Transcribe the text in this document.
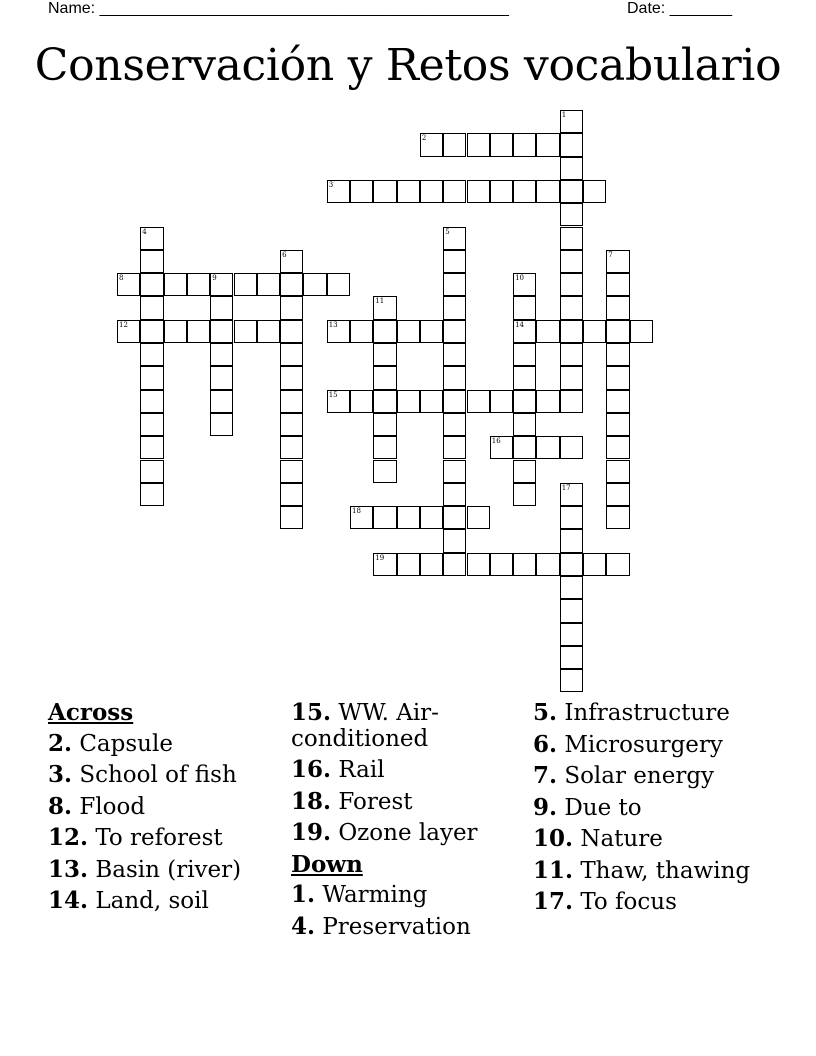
Name: ______________________________________________	Date: _______
Conservación y Retos vocabulario
1
2
3
4	5
6	7
8	9	10
14
11
12	13
15
16
17
18
19
Across
2. Capsule
3. School of fish
8. Flood
12. To reforest
13. Basin (river)
14. Land, soil
15. WW. Air-conditioned
16. Rail
18. Forest
19. Ozone layer
Down
1. Warming
4. Preservation
5. Infrastructure
6. Microsurgery
7. Solar energy
9. Due to
10. Nature
11. Thaw, thawing
17. To focus
